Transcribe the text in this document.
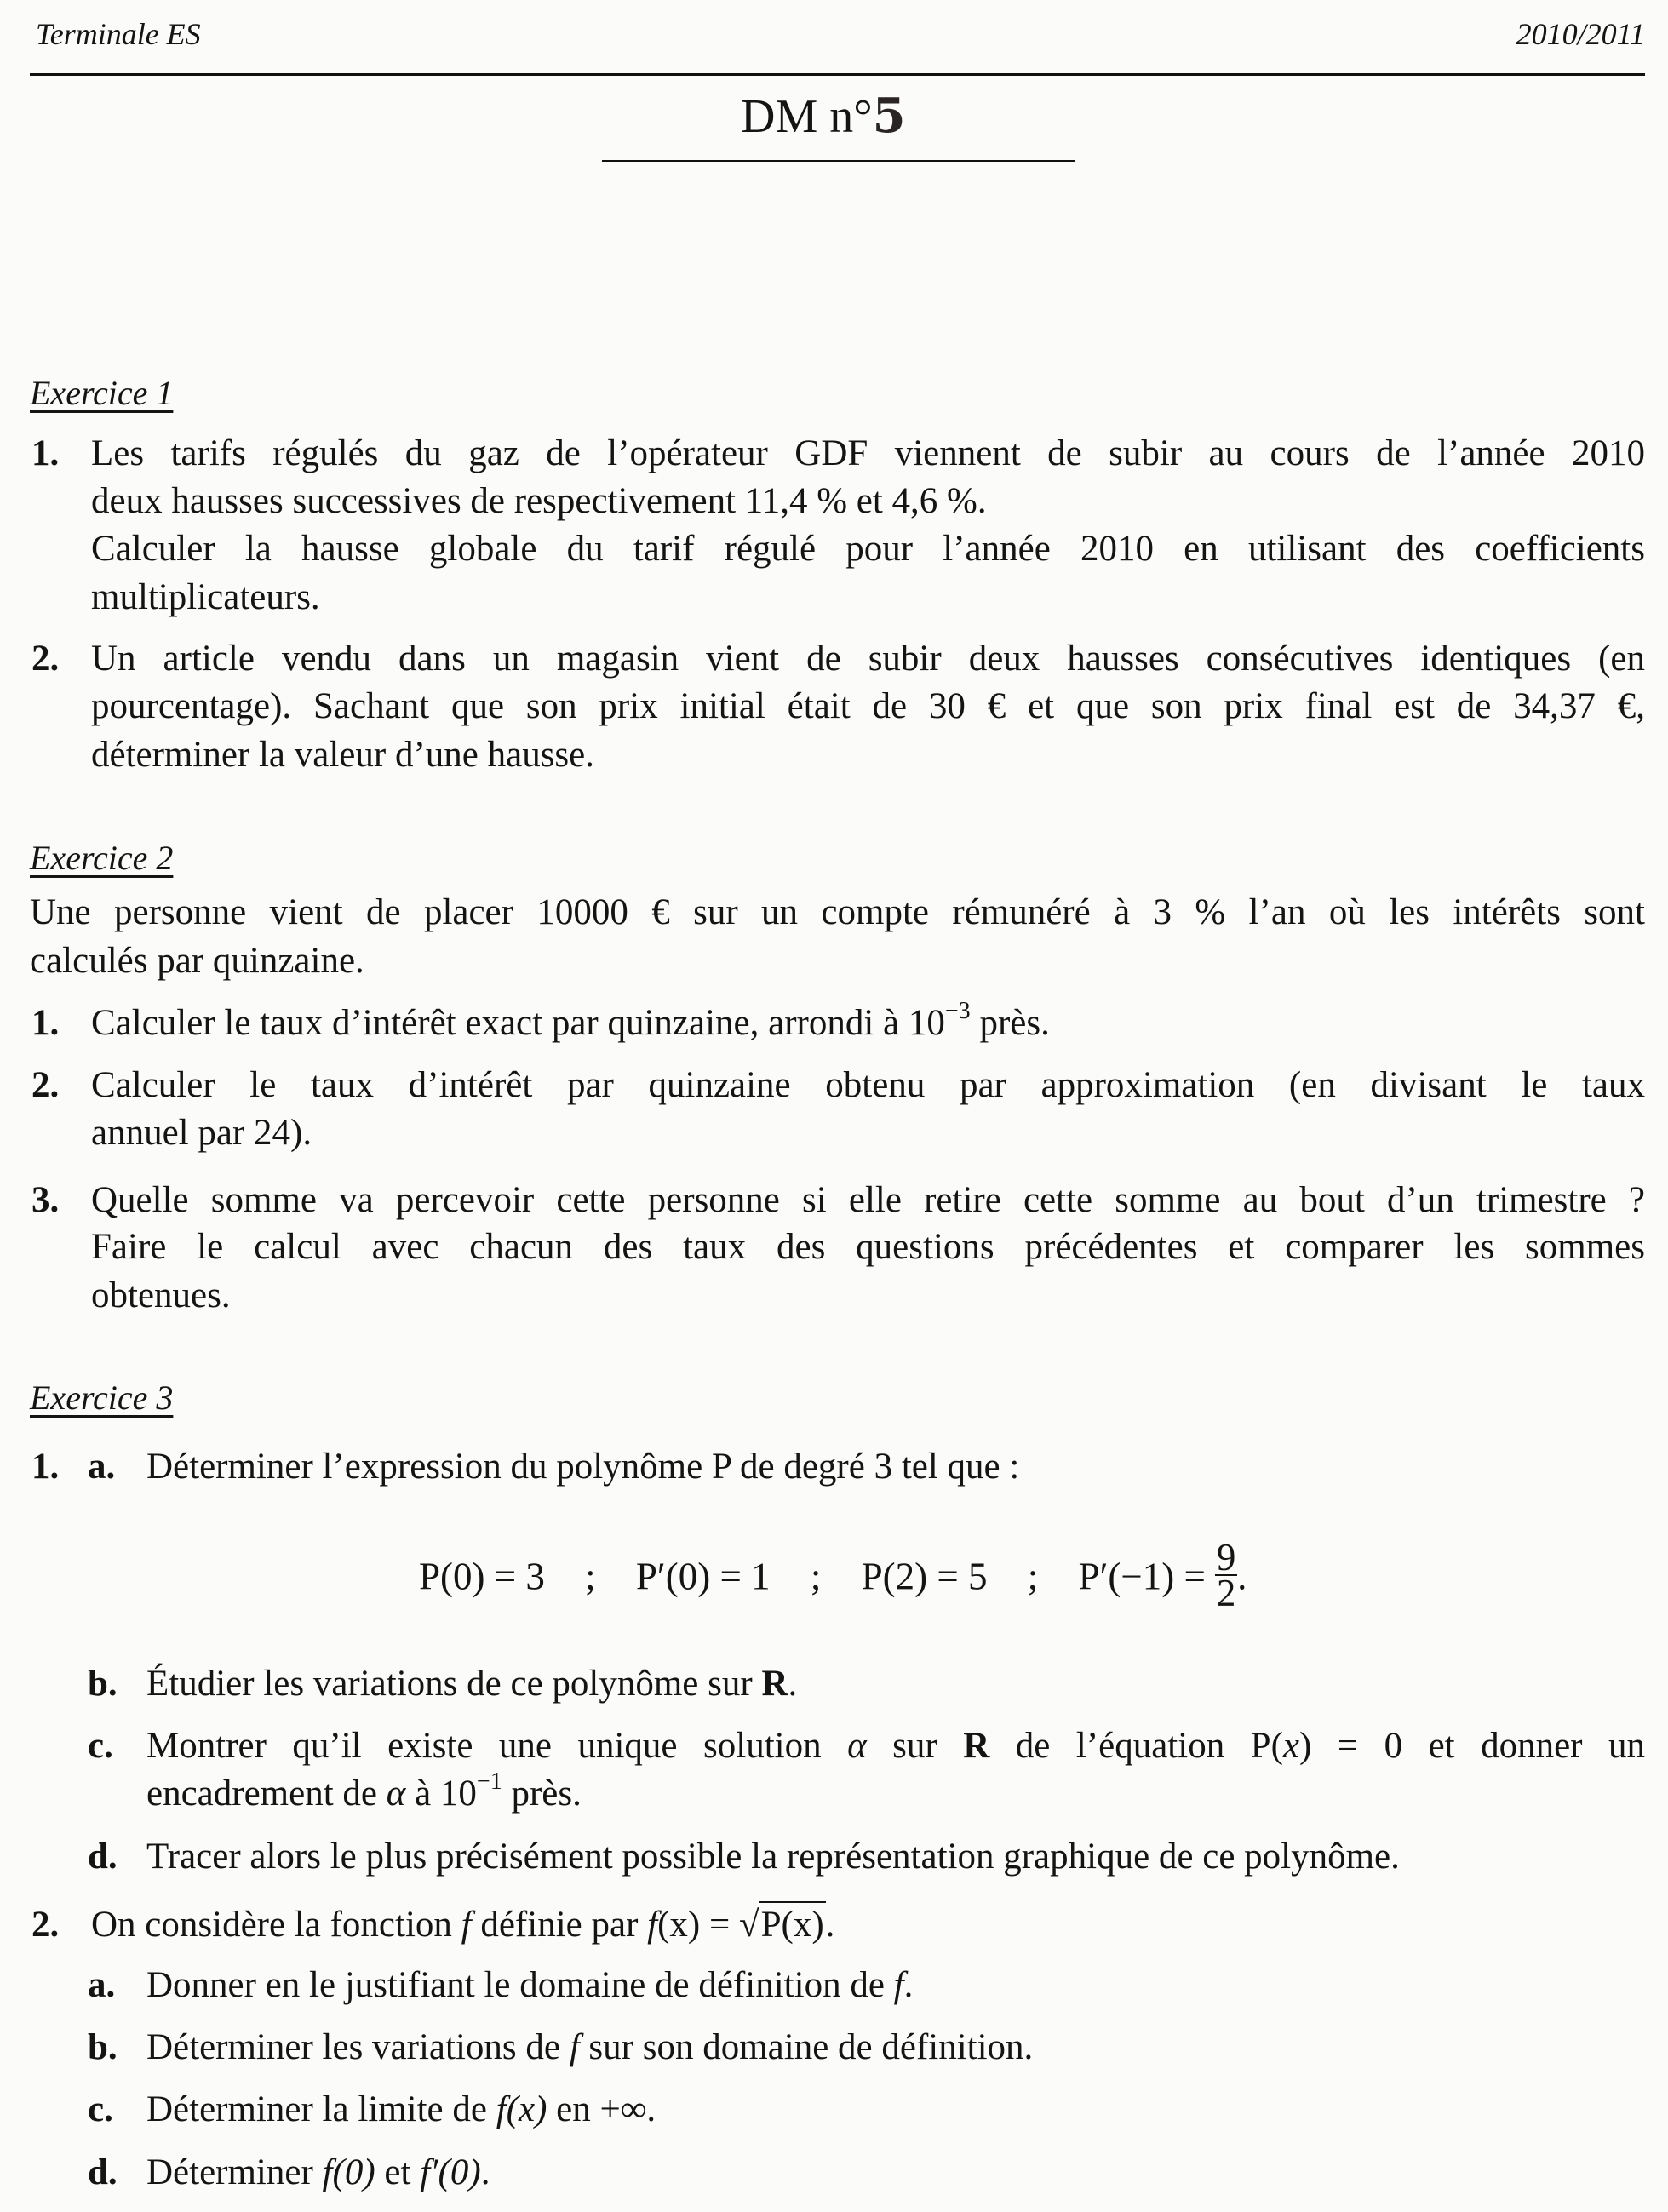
Terminale ES	2010/2011
DM n°5
Exercice 1
1. Les tarifs régulés du gaz de l’opérateur GDF viennent de subir au cours de l’année 2010
deux hausses successives de respectivement 11,4 % et 4,6 %.
Calculer la hausse globale du tarif régulé pour l’année 2010 en utilisant des coefficients
multiplicateurs.
2. Un article vendu dans un magasin vient de subir deux hausses consécutives identiques (en
pourcentage). Sachant que son prix initial était de 30 € et que son prix final est de 34,37 €,
déterminer la valeur d’une hausse.
Exercice 2
Une personne vient de placer 10000 € sur un compte rémunéré à 3 % l’an où les intérêts sont
calculés par quinzaine.
1. Calculer le taux d’intérêt exact par quinzaine, arrondi à $10^{-3}$ près.
2. Calculer le taux d’intérêt par quinzaine obtenu par approximation (en divisant le taux
annuel par 24).
3. Quelle somme va percevoir cette personne si elle retire cette somme au bout d’un trimestre ?
Faire le calcul avec chacun des taux des questions précédentes et comparer les sommes
obtenues.
Exercice 3
1. a. Déterminer l’expression du polynôme P de degré 3 tel que :
P(0) = 3 ; P′(0) = 1 ; P(2) = 5 ; $P'(-1) = \frac{9}{2}$ .
b. Étudier les variations de ce polynôme sur R.
c. Montrer qu’il existe une unique solution α sur R de l’équation P(x) = 0 et donner un
encadrement de α à $10^{-1}$ près.
d. Tracer alors le plus précisément possible la représentation graphique de ce polynôme.
2. On considère la fonction f définie par f(x) = √P(x).
a. Donner en le justifiant le domaine de définition de f.
b. Déterminer les variations de f sur son domaine de définition.
c. Déterminer la limite de f(x) en +∞.
d. Déterminer f(0) et f′(0).
